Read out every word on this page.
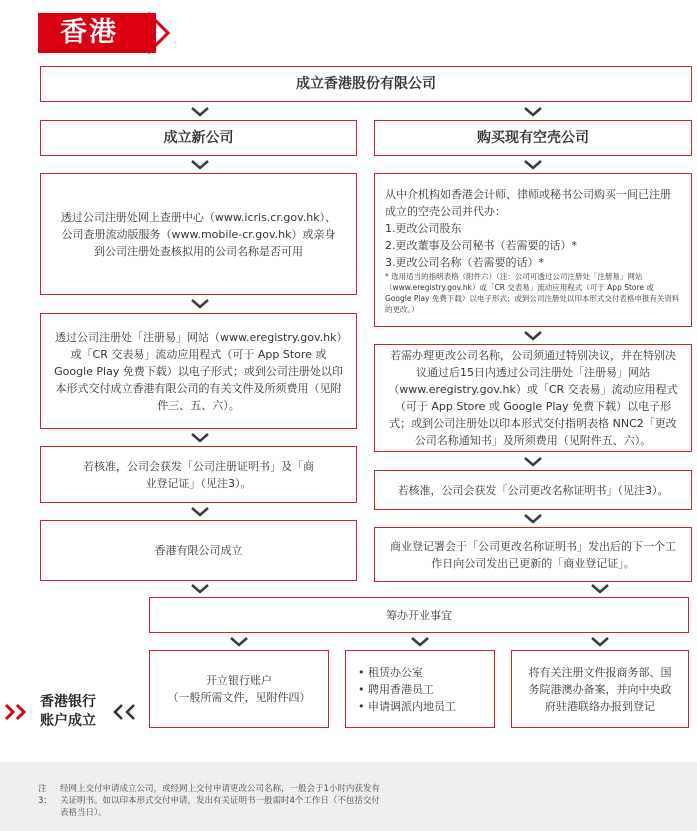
香港
成立香港股份有限公司
成立新公司	购买现有空壳公司
透过公司注册处网上查册中心（www.icris.cr.gov.hk）、公司查册流动版服务（www.mobile-cr.gov.hk）或亲身到公司注册处查核拟用的公司名称是否可用
透过公司注册处「注册易」网站（www.eregistry.gov.hk）或「CR 交表易」流动应用程式（可于 App Store 或 Google Play 免费下载）以电子形式；或到公司注册处以印本形式交付成立香港有限公司的有关文件及所须费用（见附件三、五、六）。
若核准，公司会获发「公司注册证明书」及「商业登记证」（见注3）。
香港有限公司成立
从中介机构如香港会计师、律师或秘书公司购买一间已注册成立的空壳公司并代办：
1.更改公司股东
2.更改董事及公司秘书（若需要的话）*
3.更改公司名称（若需要的话）*
* 选用适当的指明表格（附件六）（注：公司可透过公司注册处「注册易」网站（www.eregistry.gov.hk）或「CR 交表易」流动应用程式（可于 App Store 或 Google Play 免费下载）以电子形式；或到公司注册处以印本形式交付表格申报有关资料的更改。）
若需办理更改公司名称，公司须通过特别决议，并在特别决议通过后15日内透过公司注册处「注册易」网站（www.eregistry.gov.hk）或「CR 交表易」流动应用程式（可于 App Store 或 Google Play 免费下载）以电子形式；或到公司注册处以印本形式交付指明表格 NNC2「更改公司名称通知书」及所须费用（见附件五、六）。
若核准，公司会获发「公司更改名称证明书」（见注3）。
商业登记署会于「公司更改名称证明书」发出后的下一个工作日向公司发出已更新的「商业登记证」。
筹办开业事宜
开立银行账户
（一般所需文件，见附件四）
• 租赁办公室
• 聘用香港员工
• 申请调派内地员工
将有关注册文件报商务部、国务院港澳办备案，并向中央政府驻港联络办报到登记
香港银行
账户成立
注3：经网上交付申请成立公司，或经网上交付申请更改公司名称，一般会于1小时内获发有关证明书。如以印本形式交付申请，发出有关证明书一般需时4个工作日（不包括交付表格当日）。
